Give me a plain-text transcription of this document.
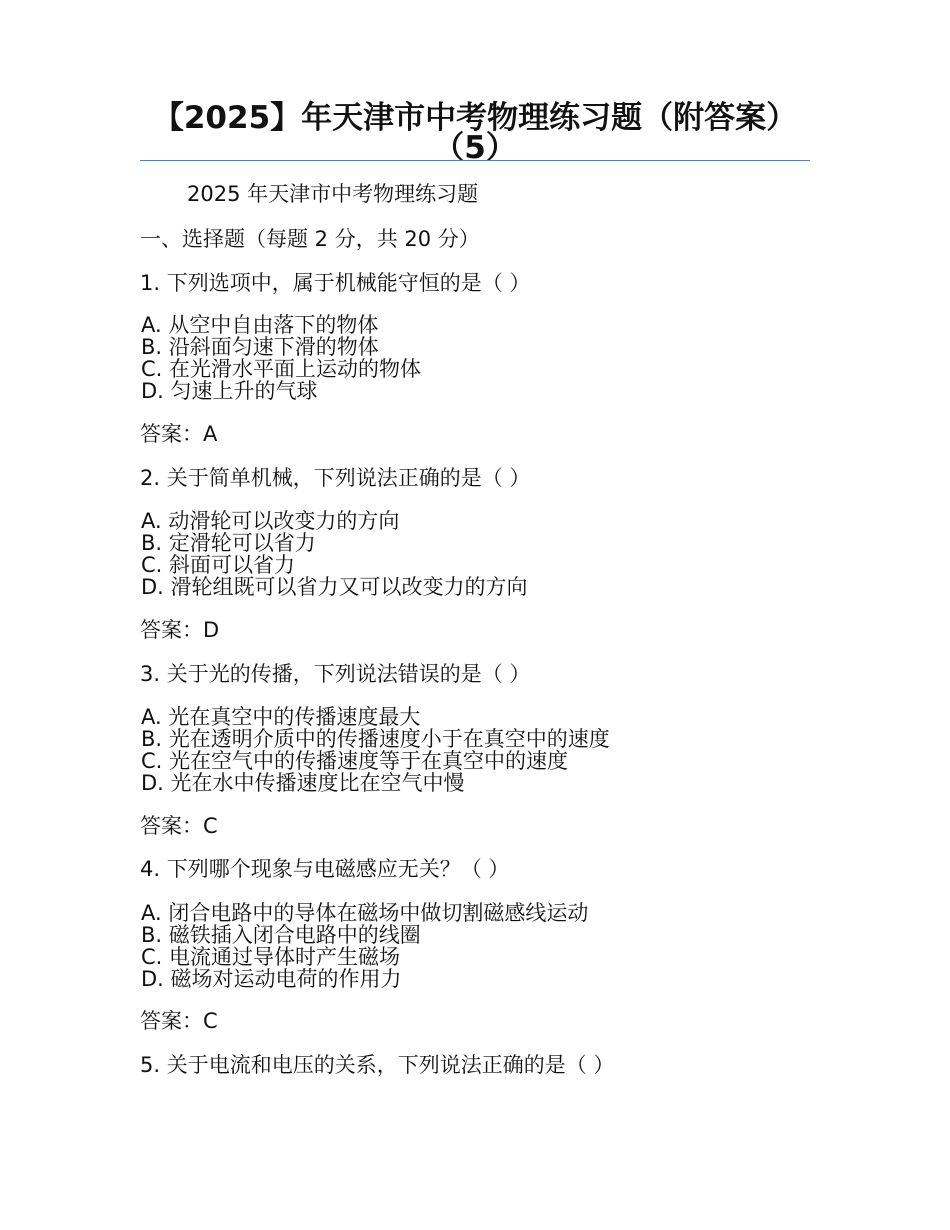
【2025】年天津市中考物理练习题（附答案）（5）

2025 年天津市中考物理练习题

一、选择题（每题 2 分，共 20 分）

1. 下列选项中，属于机械能守恒的是（ ）

A. 从空中自由落下的物体
B. 沿斜面匀速下滑的物体
C. 在光滑水平面上运动的物体
D. 匀速上升的气球

答案：A

2. 关于简单机械，下列说法正确的是（ ）

A. 动滑轮可以改变力的方向
B. 定滑轮可以省力
C. 斜面可以省力
D. 滑轮组既可以省力又可以改变力的方向

答案：D

3. 关于光的传播，下列说法错误的是（ ）

A. 光在真空中的传播速度最大
B. 光在透明介质中的传播速度小于在真空中的速度
C. 光在空气中的传播速度等于在真空中的速度
D. 光在水中传播速度比在空气中慢

答案：C

4. 下列哪个现象与电磁感应无关？（ ）

A. 闭合电路中的导体在磁场中做切割磁感线运动
B. 磁铁插入闭合电路中的线圈
C. 电流通过导体时产生磁场
D. 磁场对运动电荷的作用力

答案：C

5. 关于电流和电压的关系，下列说法正确的是（ ）
